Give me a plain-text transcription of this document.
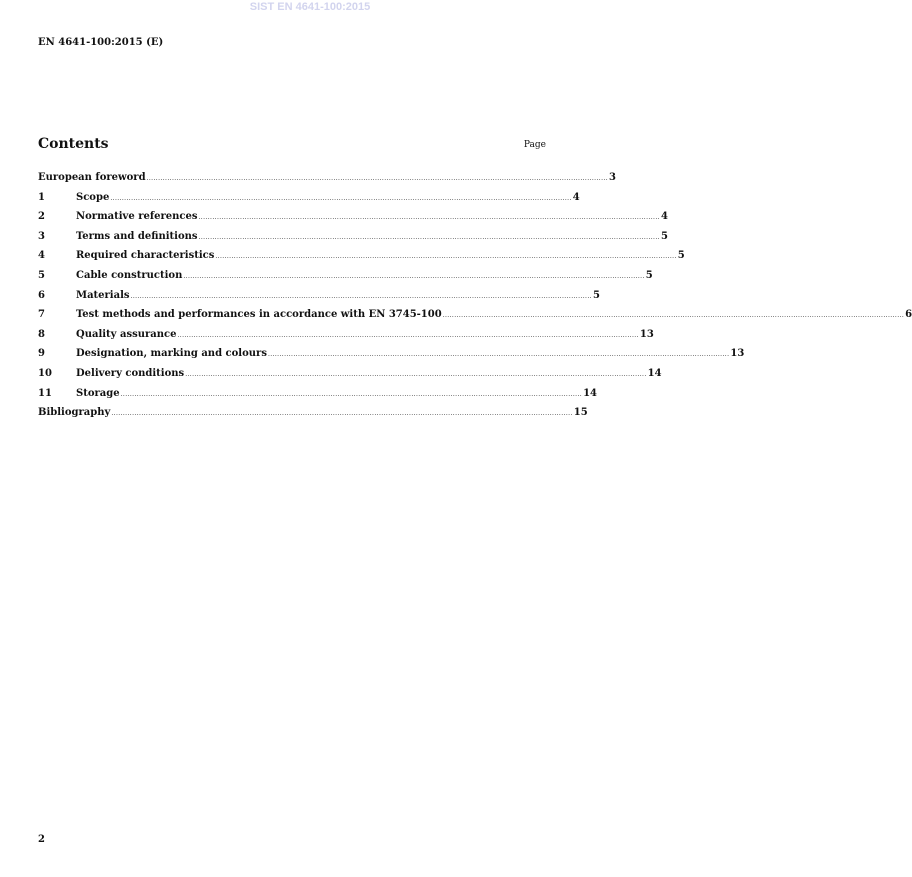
SIST EN 4641-100:2015
EN 4641-100:2015 (E)
Contents	Page
European foreword ........................................................................................................................................................................................................ 3
1	Scope ........................................................................................................................................................................................................ 4
2	Normative references ........................................................................................................................................................................................................ 4
3	Terms and definitions ........................................................................................................................................................................................................ 5
4	Required characteristics ........................................................................................................................................................................................................ 5
5	Cable construction ........................................................................................................................................................................................................ 5
6	Materials ........................................................................................................................................................................................................ 5
7	Test methods and performances in accordance with EN 3745-100 ........................................................................................................................................................................................................ 6
8	Quality assurance ........................................................................................................................................................................................................ 13
9	Designation, marking and colours ........................................................................................................................................................................................................ 13
10	Delivery conditions ........................................................................................................................................................................................................ 14
11	Storage ........................................................................................................................................................................................................ 14
Bibliography ........................................................................................................................................................................................................ 15
2
